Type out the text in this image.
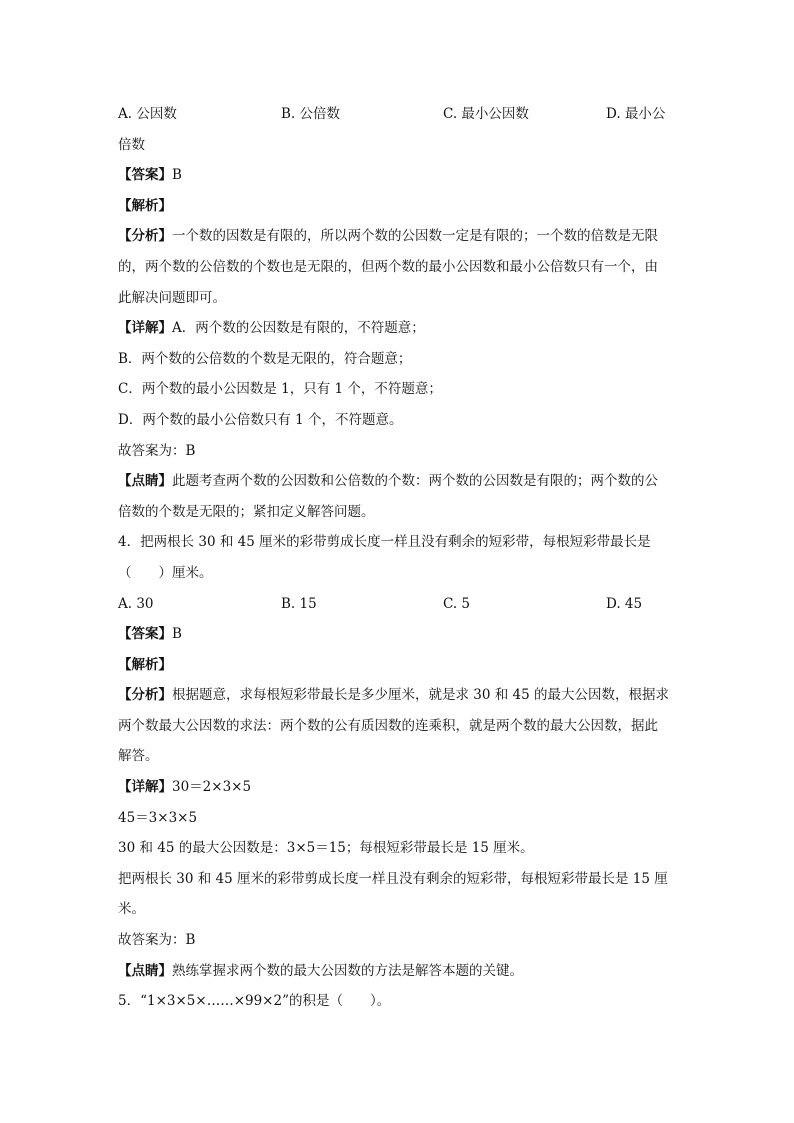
A. 公因数	B. 公倍数	C. 最小公因数	D. 最小公

倍数

【答案】B

【解析】

【分析】一个数的因数是有限的，所以两个数的公因数一定是有限的；一个数的倍数是无限

的，两个数的公倍数的个数也是无限的，但两个数的最小公因数和最小公倍数只有一个，由

此解决问题即可。

【详解】A．两个数的公因数是有限的，不符题意；

B．两个数的公倍数的个数是无限的，符合题意；

C．两个数的最小公因数是 1，只有 1 个，不符题意；

D．两个数的最小公倍数只有 1 个，不符题意。

故答案为：B

【点睛】此题考查两个数的公因数和公倍数的个数：两个数的公因数是有限的；两个数的公

倍数的个数是无限的；紧扣定义解答问题。

4．把两根长 30 和 45 厘米的彩带剪成长度一样且没有剩余的短彩带，每根短彩带最长是

（　　）厘米。

A. 30	B. 15	C. 5	D. 45

【答案】B

【解析】

【分析】根据题意，求每根短彩带最长是多少厘米，就是求 30 和 45 的最大公因数，根据求

两个数最大公因数的求法：两个数的公有质因数的连乘积，就是两个数的最大公因数，据此

解答。

【详解】30＝2×3×5

45＝3×3×5

30 和 45 的最大公因数是：3×5＝15；每根短彩带最长是 15 厘米。

把两根长 30 和 45 厘米的彩带剪成长度一样且没有剩余的短彩带，每根短彩带最长是 15 厘

米。

故答案为：B

【点睛】熟练掌握求两个数的最大公因数的方法是解答本题的关键。

5．“1×3×5×……×99×2”的积是（　　）。
